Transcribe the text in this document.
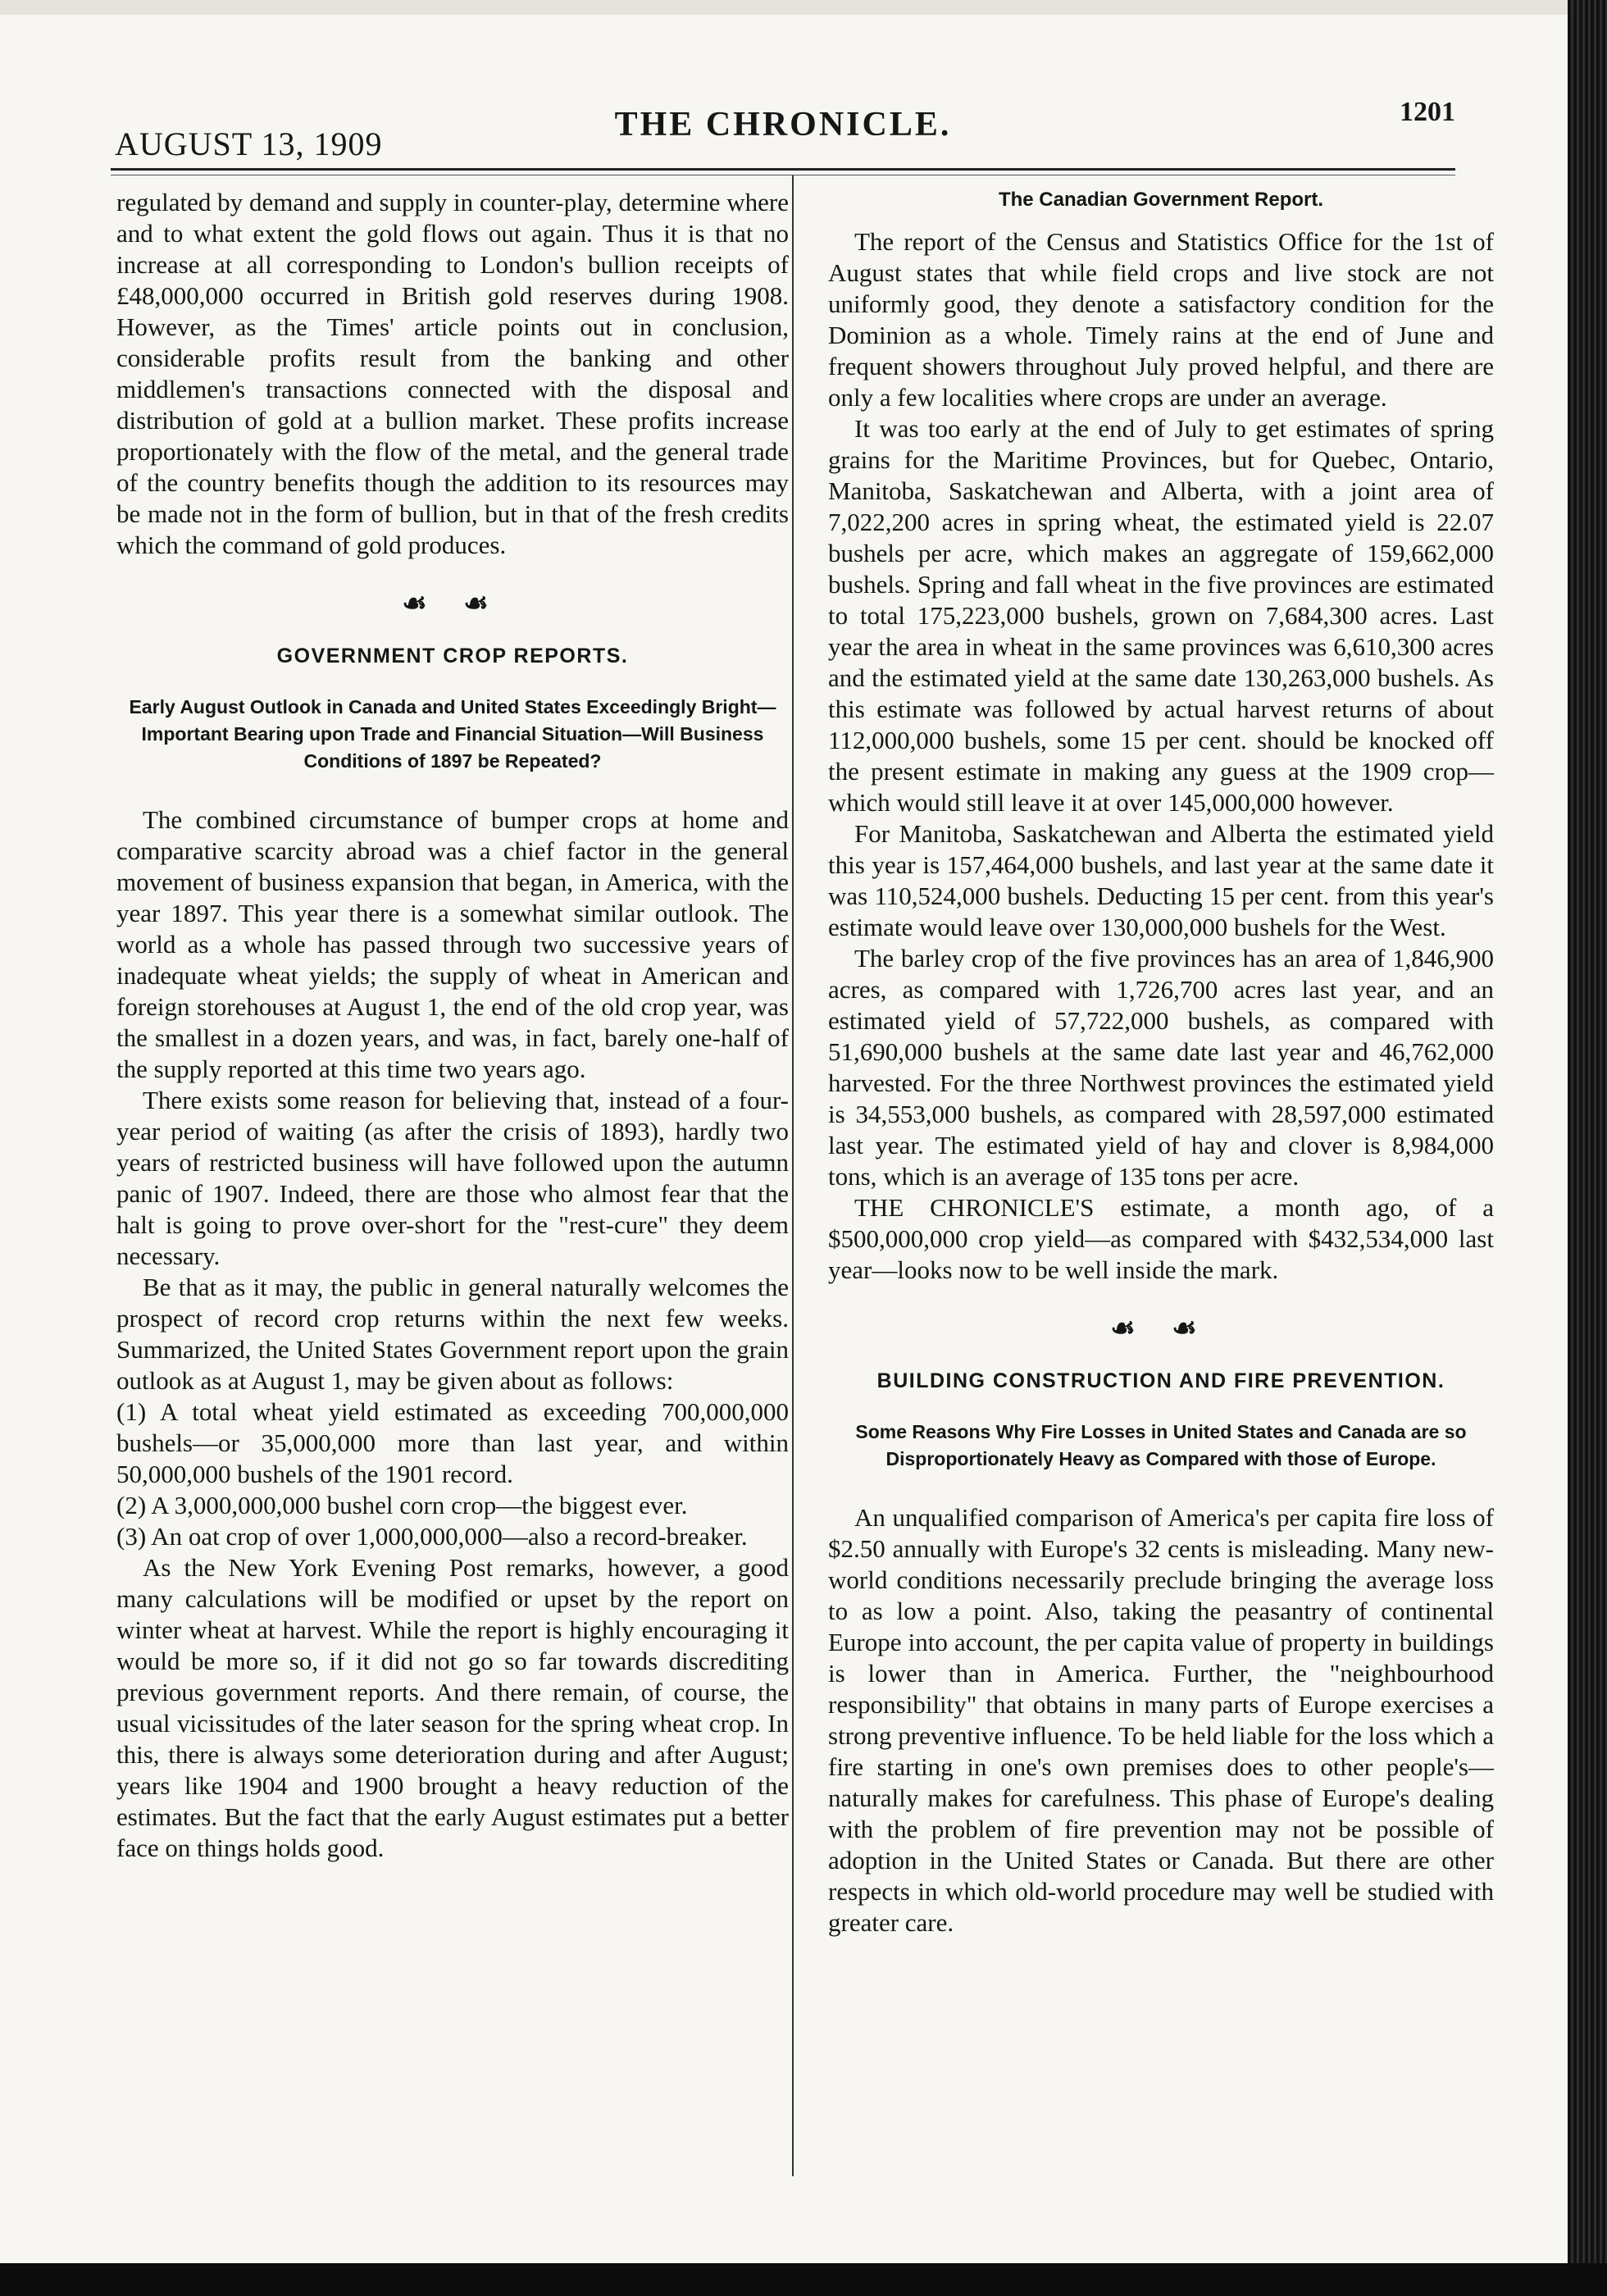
AUGUST 13, 1909
THE CHRONICLE.	1201

regulated by demand and supply in counter-play, determine where and to what extent the gold flows out again. Thus it is that no increase at all corresponding to London's bullion receipts of £48,000,000 occurred in British gold reserves during 1908. However, as the Times' article points out in conclusion, considerable profits result from the banking and other middlemen's transactions connected with the disposal and distribution of gold at a bullion market. These profits increase proportionately with the flow of the metal, and the general trade of the country benefits though the addition to its resources may be made not in the form of bullion, but in that of the fresh credits which the command of gold produces.

☙ ☙
GOVERNMENT CROP REPORTS.
Early August Outlook in Canada and United States Exceedingly Bright—Important Bearing upon Trade and Financial Situation—Will Business Conditions of 1897 be Repeated?

The combined circumstance of bumper crops at home and comparative scarcity abroad was a chief factor in the general movement of business expansion that began, in America, with the year 1897. This year there is a somewhat similar outlook. The world as a whole has passed through two successive years of inadequate wheat yields; the supply of wheat in American and foreign storehouses at August 1, the end of the old crop year, was the smallest in a dozen years, and was, in fact, barely one-half of the supply reported at this time two years ago.

There exists some reason for believing that, instead of a four-year period of waiting (as after the crisis of 1893), hardly two years of restricted business will have followed upon the autumn panic of 1907. Indeed, there are those who almost fear that the halt is going to prove over-short for the "rest-cure" they deem necessary.

Be that as it may, the public in general naturally welcomes the prospect of record crop returns within the next few weeks. Summarized, the United States Government report upon the grain outlook as at August 1, may be given about as follows:

(1) A total wheat yield estimated as exceeding 700,000,000 bushels—or 35,000,000 more than last year, and within 50,000,000 bushels of the 1901 record.

(2) A 3,000,000,000 bushel corn crop—the biggest ever.

(3) An oat crop of over 1,000,000,000—also a record-breaker.

As the New York Evening Post remarks, however, a good many calculations will be modified or upset by the report on winter wheat at harvest. While the report is highly encouraging it would be more so, if it did not go so far towards discrediting previous government reports. And there remain, of course, the usual vicissitudes of the later season for the spring wheat crop. In this, there is always some deterioration during and after August; years like 1904 and 1900 brought a heavy reduction of the estimates. But the fact that the early August estimates put a better face on things holds good.

The Canadian Government Report.

The report of the Census and Statistics Office for the 1st of August states that while field crops and live stock are not uniformly good, they denote a satisfactory condition for the Dominion as a whole. Timely rains at the end of June and frequent showers throughout July proved helpful, and there are only a few localities where crops are under an average.

It was too early at the end of July to get estimates of spring grains for the Maritime Provinces, but for Quebec, Ontario, Manitoba, Saskatchewan and Alberta, with a joint area of 7,022,200 acres in spring wheat, the estimated yield is 22.07 bushels per acre, which makes an aggregate of 159,662,000 bushels. Spring and fall wheat in the five provinces are estimated to total 175,223,000 bushels, grown on 7,684,300 acres. Last year the area in wheat in the same provinces was 6,610,300 acres and the estimated yield at the same date 130,263,000 bushels. As this estimate was followed by actual harvest returns of about 112,000,000 bushels, some 15 per cent. should be knocked off the present estimate in making any guess at the 1909 crop—which would still leave it at over 145,000,000 however.

For Manitoba, Saskatchewan and Alberta the estimated yield this year is 157,464,000 bushels, and last year at the same date it was 110,524,000 bushels. Deducting 15 per cent. from this year's estimate would leave over 130,000,000 bushels for the West.

The barley crop of the five provinces has an area of 1,846,900 acres, as compared with 1,726,700 acres last year, and an estimated yield of 57,722,000 bushels, as compared with 51,690,000 bushels at the same date last year and 46,762,000 harvested. For the three Northwest provinces the estimated yield is 34,553,000 bushels, as compared with 28,597,000 estimated last year. The estimated yield of hay and clover is 8,984,000 tons, which is an average of 135 tons per acre.

THE CHRONICLE'S estimate, a month ago, of a $500,000,000 crop yield—as compared with $432,534,000 last year—looks now to be well inside the mark.

☙ ☙
BUILDING CONSTRUCTION AND FIRE PREVENTION.
Some Reasons Why Fire Losses in United States and Canada are so Disproportionately Heavy as Compared with those of Europe.

An unqualified comparison of America's per capita fire loss of $2.50 annually with Europe's 32 cents is misleading. Many new-world conditions necessarily preclude bringing the average loss to as low a point. Also, taking the peasantry of continental Europe into account, the per capita value of property in buildings is lower than in America. Further, the "neighbourhood responsibility" that obtains in many parts of Europe exercises a strong preventive influence. To be held liable for the loss which a fire starting in one's own premises does to other people's—naturally makes for carefulness. This phase of Europe's dealing with the problem of fire prevention may not be possible of adoption in the United States or Canada. But there are other respects in which old-world procedure may well be studied with greater care.
